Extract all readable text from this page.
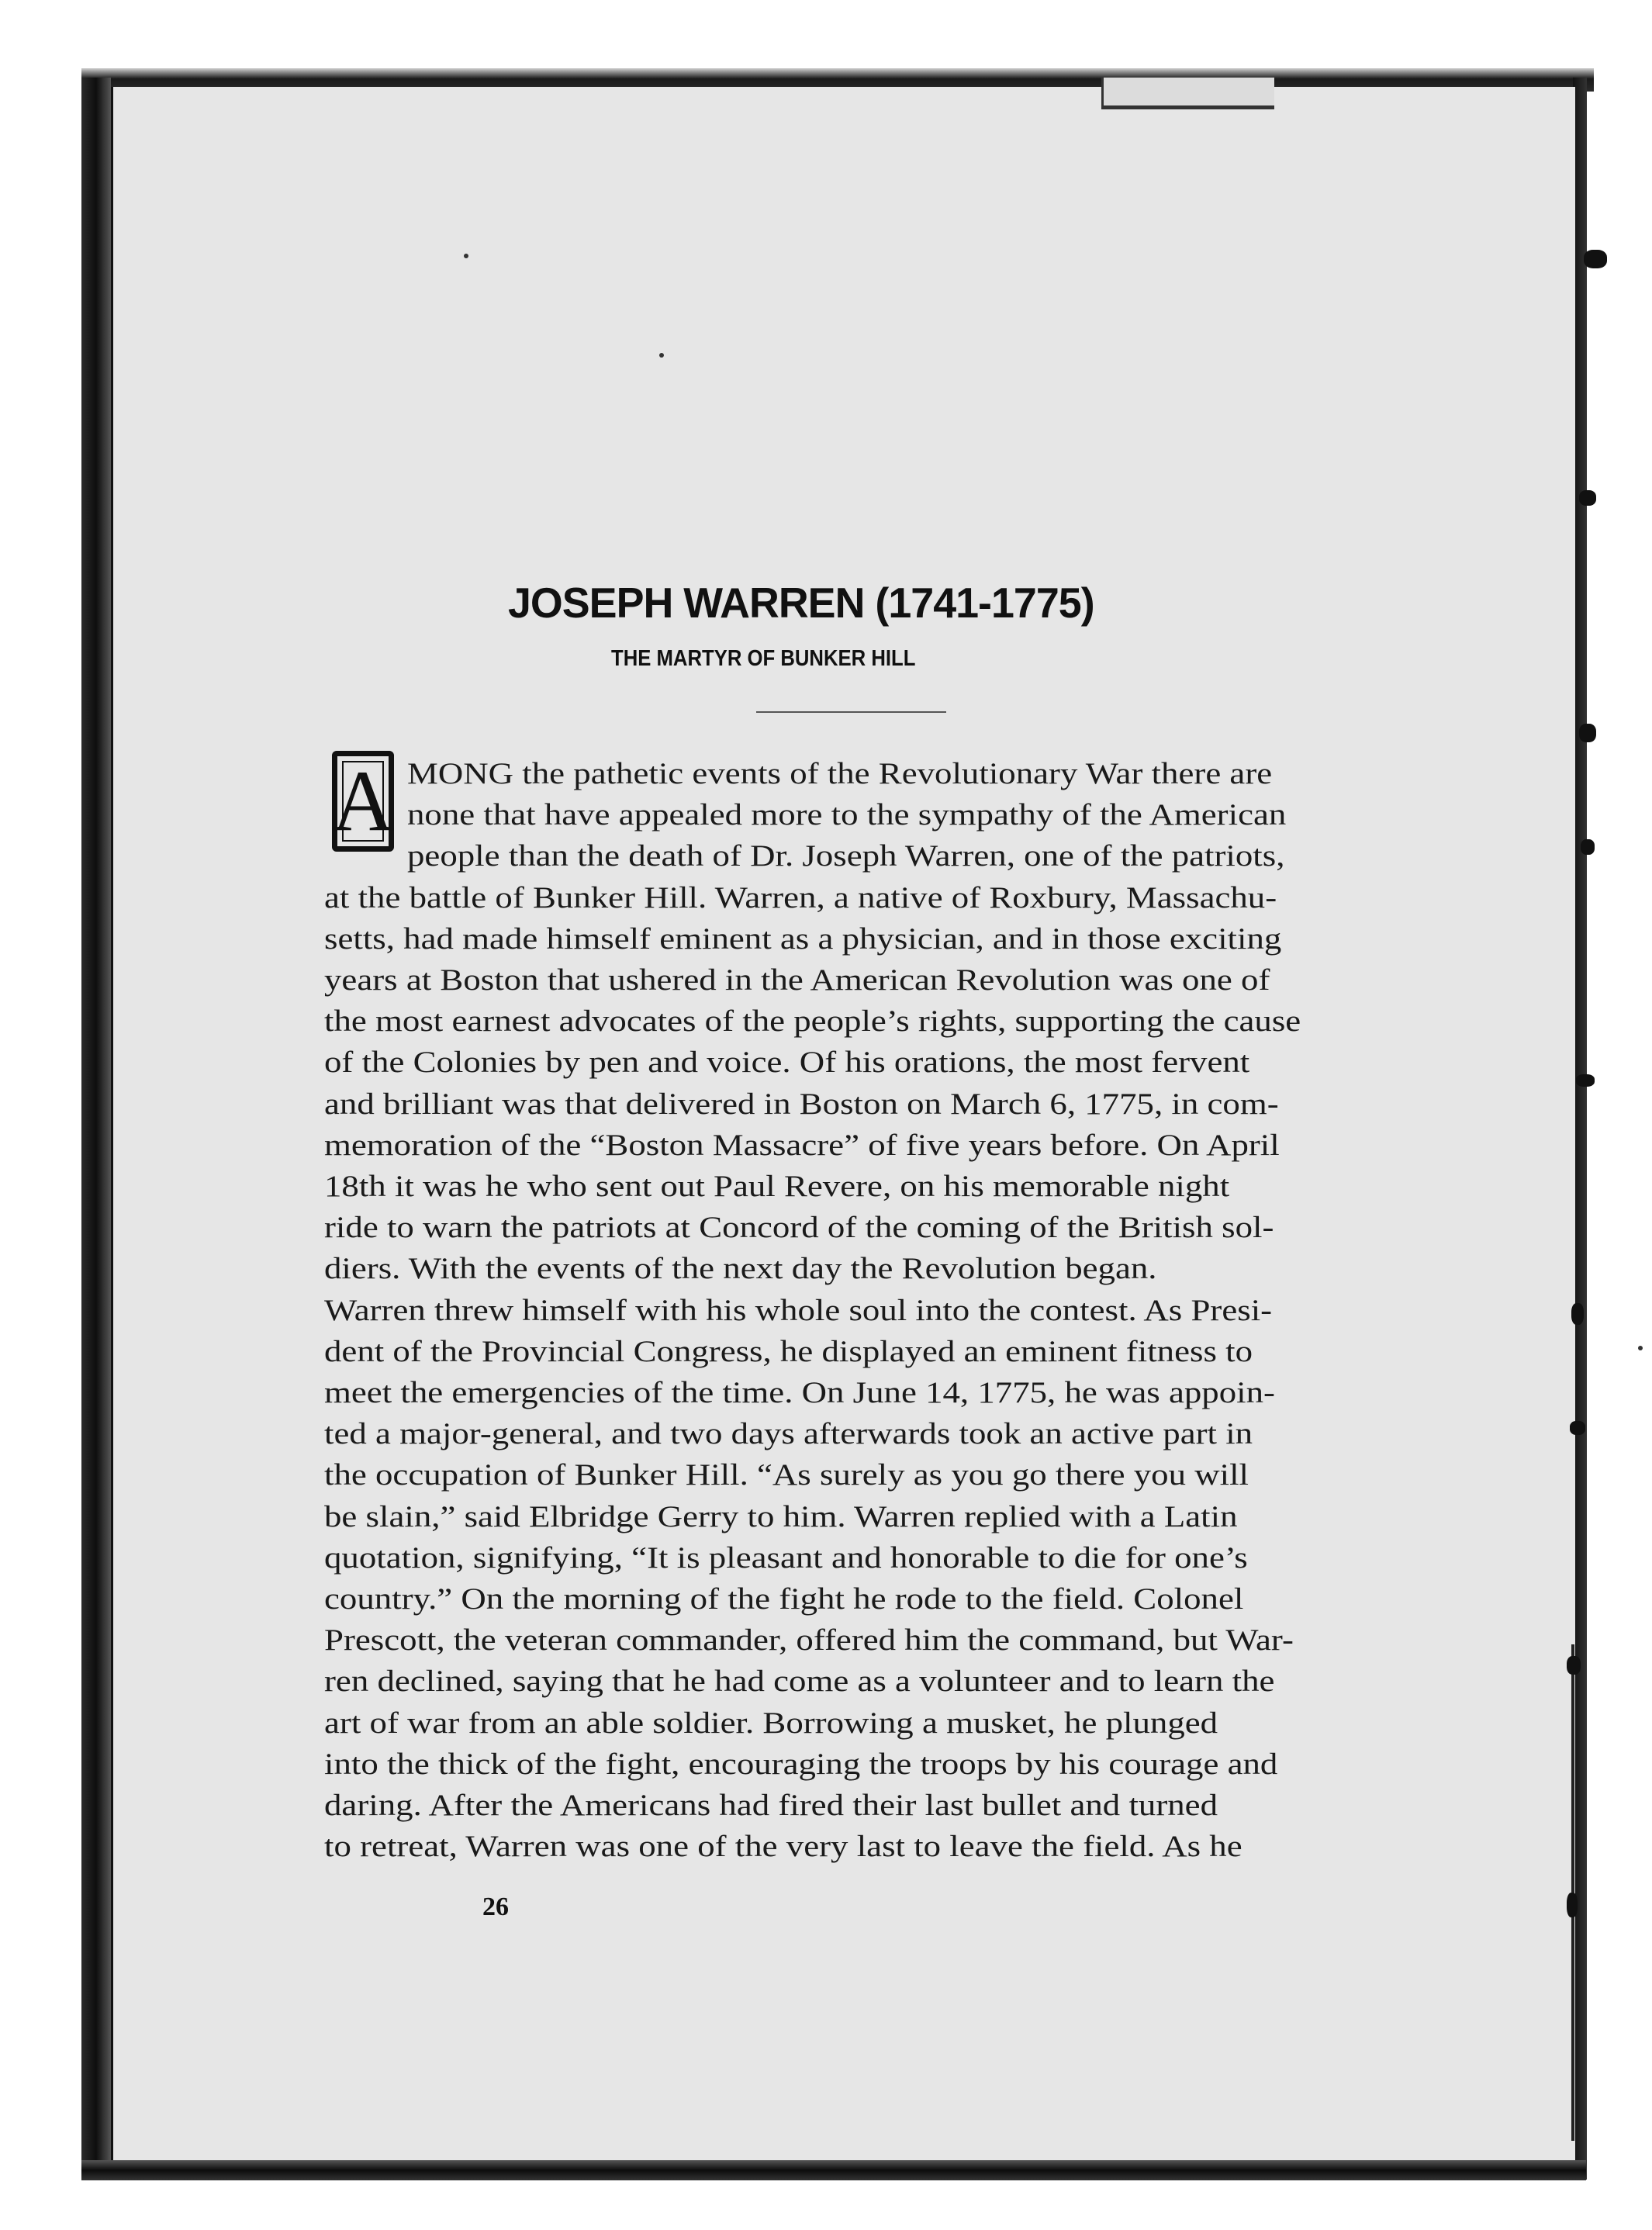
JOSEPH WARREN (1741-1775)
THE MARTYR OF BUNKER HILL
A MONG the pathetic events of the Revolutionary War there are
none that have appealed more to the sympathy of the American
people than the death of Dr. Joseph Warren, one of the patriots,
at the battle of Bunker Hill. Warren, a native of Roxbury, Massachu-
setts, had made himself eminent as a physician, and in those exciting
years at Boston that ushered in the American Revolution was one of
the most earnest advocates of the people’s rights, supporting the cause
of the Colonies by pen and voice. Of his orations, the most fervent
and brilliant was that delivered in Boston on March 6, 1775, in com-
memoration of the “Boston Massacre” of five years before. On April
18th it was he who sent out Paul Revere, on his memorable night
ride to warn the patriots at Concord of the coming of the British sol-
diers. With the events of the next day the Revolution began.
Warren threw himself with his whole soul into the contest. As Presi-
dent of the Provincial Congress, he displayed an eminent fitness to
meet the emergencies of the time. On June 14, 1775, he was appoin-
ted a major-general, and two days afterwards took an active part in
the occupation of Bunker Hill. “As surely as you go there you will
be slain,” said Elbridge Gerry to him. Warren replied with a Latin
quotation, signifying, “It is pleasant and honorable to die for one’s
country.” On the morning of the fight he rode to the field. Colonel
Prescott, the veteran commander, offered him the command, but War-
ren declined, saying that he had come as a volunteer and to learn the
art of war from an able soldier. Borrowing a musket, he plunged
into the thick of the fight, encouraging the troops by his courage and
daring. After the Americans had fired their last bullet and turned
to retreat, Warren was one of the very last to leave the field. As he
26
